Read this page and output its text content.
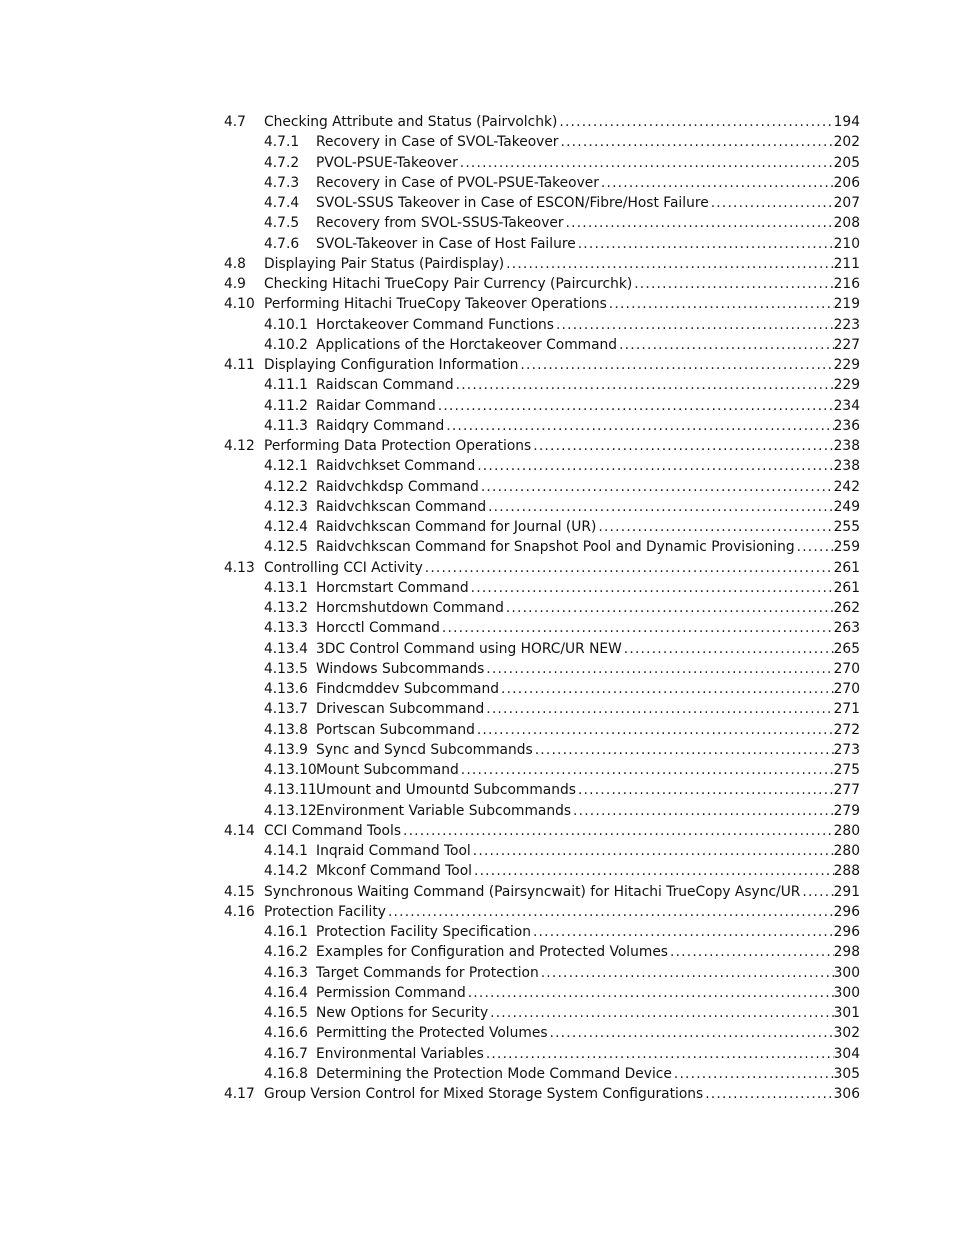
4.7 Checking Attribute and Status (Pairvolchk) .....	194
4.7.1 Recovery in Case of SVOL-Takeover .....	202
4.7.2 PVOL-PSUE-Takeover .....	205
4.7.3 Recovery in Case of PVOL-PSUE-Takeover .....	206
4.7.4 SVOL-SSUS Takeover in Case of ESCON/Fibre/Host Failure .....	207
4.7.5 Recovery from SVOL-SSUS-Takeover .....	208
4.7.6 SVOL-Takeover in Case of Host Failure .....	210
4.8 Displaying Pair Status (Pairdisplay) .....	211
4.9 Checking Hitachi TrueCopy Pair Currency (Paircurchk) .....	216
4.10 Performing Hitachi TrueCopy Takeover Operations .....	219
4.10.1 Horctakeover Command Functions .....	223
4.10.2 Applications of the Horctakeover Command .....	227
4.11 Displaying Configuration Information .....	229
4.11.1 Raidscan Command .....	229
4.11.2 Raidar Command .....	234
4.11.3 Raidqry Command .....	236
4.12 Performing Data Protection Operations .....	238
4.12.1 Raidvchkset Command .....	238
4.12.2 Raidvchkdsp Command .....	242
4.12.3 Raidvchkscan Command .....	249
4.12.4 Raidvchkscan Command for Journal (UR) .....	255
4.12.5 Raidvchkscan Command for Snapshot Pool and Dynamic Provisioning .....	259
4.13 Controlling CCI Activity .....	261
4.13.1 Horcmstart Command .....	261
4.13.2 Horcmshutdown Command .....	262
4.13.3 Horcctl Command .....	263
4.13.4 3DC Control Command using HORC/UR NEW .....	265
4.13.5 Windows Subcommands .....	270
4.13.6 Findcmddev Subcommand .....	270
4.13.7 Drivescan Subcommand .....	271
4.13.8 Portscan Subcommand .....	272
4.13.9 Sync and Syncd Subcommands .....	273
4.13.10 Mount Subcommand .....	275
4.13.11 Umount and Umountd Subcommands .....	277
4.13.12 Environment Variable Subcommands .....	279
4.14 CCI Command Tools .....	280
4.14.1 Inqraid Command Tool .....	280
4.14.2 Mkconf Command Tool .....	288
4.15 Synchronous Waiting Command (Pairsyncwait) for Hitachi TrueCopy Async/UR ..... 291
4.16 Protection Facility .....	296
4.16.1 Protection Facility Specification .....	296
4.16.2 Examples for Configuration and Protected Volumes .....	298
4.16.3 Target Commands for Protection .....	300
4.16.4 Permission Command .....	300
4.16.5 New Options for Security .....	301
4.16.6 Permitting the Protected Volumes .....	302
4.16.7 Environmental Variables .....	304
4.16.8 Determining the Protection Mode Command Device .....	305
4.17 Group Version Control for Mixed Storage System Configurations .....	306
